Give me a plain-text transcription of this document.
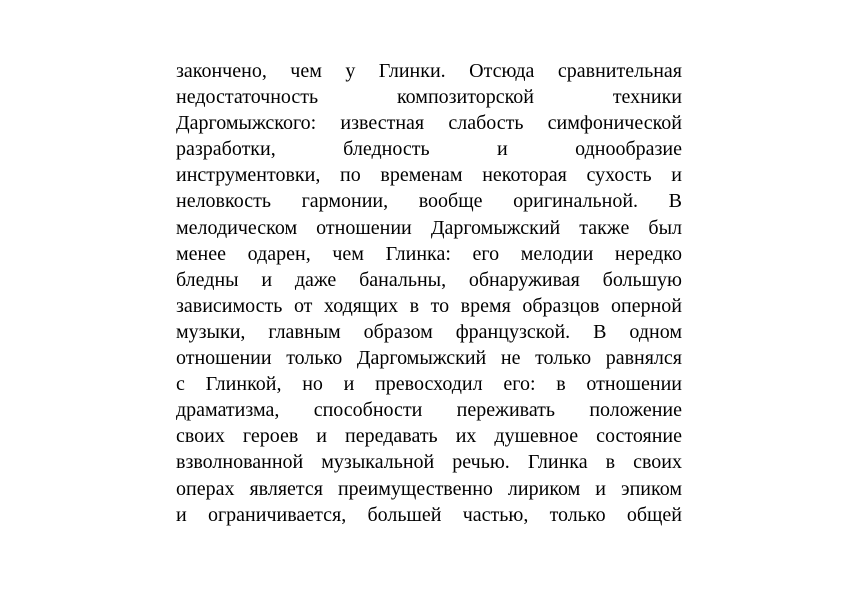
закончено, чем у Глинки. Отсюда сравнительная
недостаточность композиторской техники
Даргомыжского: известная слабость симфонической
разработки, бледность и однообразие
инструментовки, по временам некоторая сухость и
неловкость гармонии, вообще оригинальной. В
мелодическом отношении Даргомыжский также был
менее одарен, чем Глинка: его мелодии нередко
бледны и даже банальны, обнаруживая большую
зависимость от ходящих в то время образцов оперной
музыки, главным образом французской. В одном
отношении только Даргомыжский не только равнялся
с Глинкой, но и превосходил его: в отношении
драматизма, способности переживать положение
своих героев и передавать их душевное состояние
взволнованной музыкальной речью. Глинка в своих
операх является преимущественно лириком и эпиком
и ограничивается, большей частью, только общей
